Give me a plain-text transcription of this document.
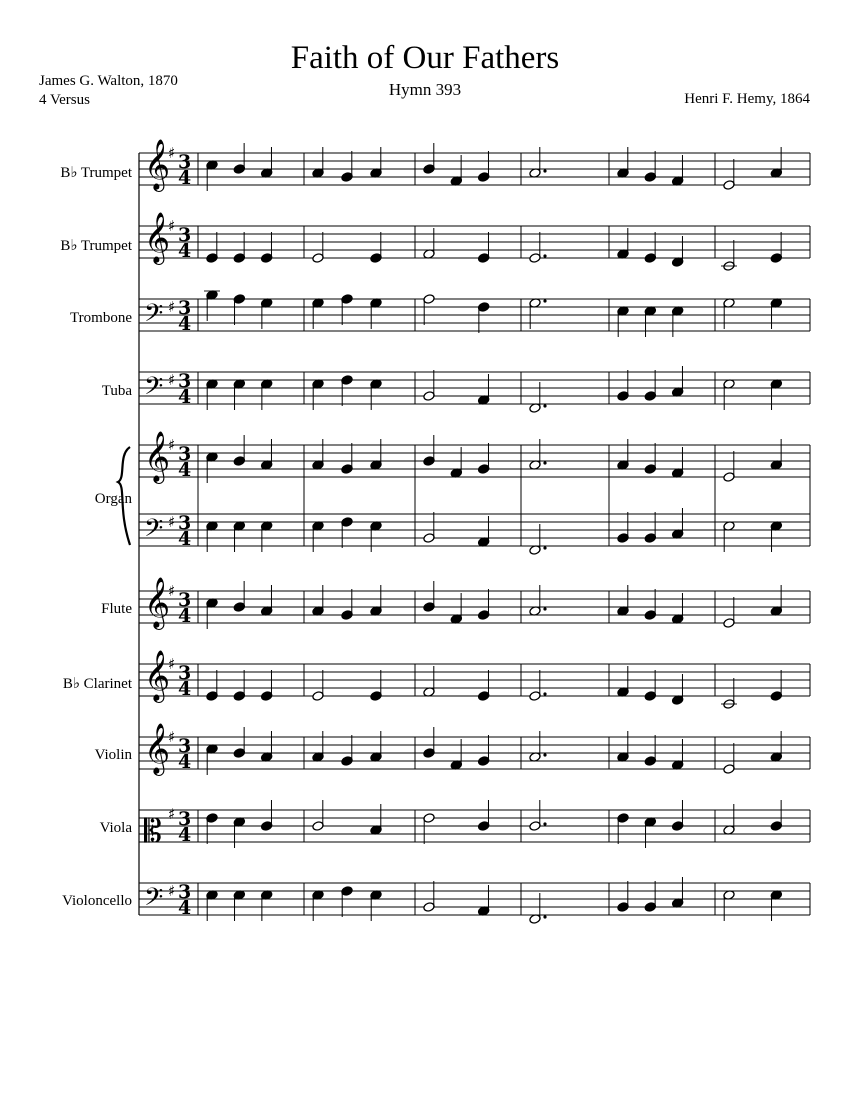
Faith of Our Fathers
Hymn 393
James G. Walton, 1870
4 Versus	Henri F. Hemy, 1864
B♭ Trumpet
B♭ Trumpet
Trombone
Tuba
Organ
Flute
B♭ Clarinet
Violin
Viola
Violoncello
𝄞
♯ 3
4
𝄞
♯ 3
4
𝄢 ♯ 3
4
𝄢 ♯ 3
4
𝄞
♯ 3
4
𝄢 ♯ 3
4
𝄞
♯ 3
4
𝄞
♯ 3
4
𝄞
♯ 3
4
𝄡 ♯ 3
4
𝄢 ♯ 3
4
